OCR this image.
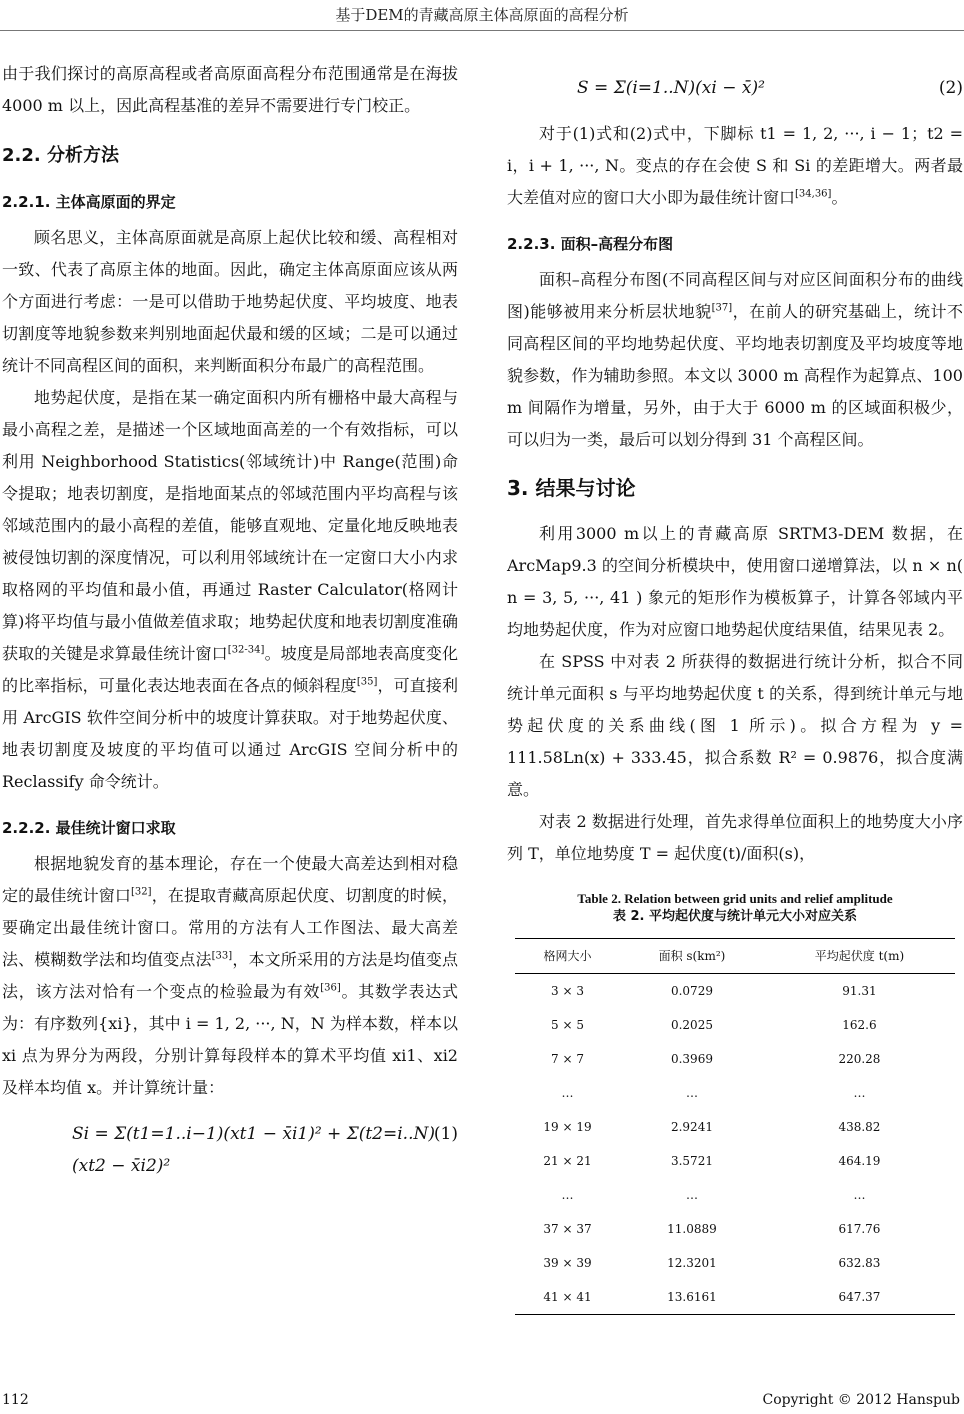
基于DEM的青藏高原主体高原面的高程分析

由于我们探讨的高原高程或者高原面高程分布范围通常是在海拔 4000 m 以上，因此高程基准的差异不需要进行专门校正。

2.2. 分析方法
2.2.1. 主体高原面的界定

顾名思义，主体高原面就是高原上起伏比较和缓、高程相对一致、代表了高原主体的地面。因此，确定主体高原面应该从两个方面进行考虑：一是可以借助于地势起伏度、平均坡度、地表切割度等地貌参数来判别地面起伏最和缓的区域；二是可以通过统计不同高程区间的面积，来判断面积分布最广的高程范围。

地势起伏度，是指在某一确定面积内所有栅格中最大高程与最小高程之差，是描述一个区域地面高差的一个有效指标，可以利用 Neighborhood Statistics(邻域统计)中 Range(范围)命令提取；地表切割度，是指地面某点的邻域范围内平均高程与该邻域范围内的最小高程的差值，能够直观地、定量化地反映地表被侵蚀切割的深度情况，可以利用邻域统计在一定窗口大小内求取格网的平均值和最小值，再通过 Raster Calculator(格网计算)将平均值与最小值做差值求取；地势起伏度和地表切割度准确获取的关键是求算最佳统计窗口[32-34]。坡度是局部地表高度变化的比率指标，可量化表达地表面在各点的倾斜程度[35]，可直接利用 ArcGIS 软件空间分析中的坡度计算获取。对于地势起伏度、地表切割度及坡度的平均值可以通过 ArcGIS 空间分析中的 Reclassify 命令统计。

2.2.2. 最佳统计窗口求取

根据地貌发育的基本理论，存在一个使最大高差达到相对稳定的最佳统计窗口[32]，在提取青藏高原起伏度、切割度的时候，要确定出最佳统计窗口。常用的方法有人工作图法、最大高差法、模糊数学法和均值变点法[33]，本文所采用的方法是均值变点法，该方法对恰有一个变点的检验最为有效[36]。其数学表达式为：有序数列{xi}，其中 i = 1, 2, ···, N，N 为样本数，样本以 xi 点为界分为两段，分别计算每段样本的算术平均值 xi1、xi2 及样本均值 x。并计算统计量：

Si = Σ(t1=1..i−1)(xt1 − x̄i1)² + Σ(t2=i..N)(xt2 − x̄i2)²
(1)
S = Σ(i=1..N)(xi − x̄)²	(2)

对于(1)式和(2)式中，下脚标 t1 = 1, 2, ···, i − 1；t2 = i，i + 1, ···, N。变点的存在会使 S 和 Si 的差距增大。两者最大差值对应的窗口大小即为最佳统计窗口[34,36]。

2.2.3. 面积–高程分布图

面积–高程分布图(不同高程区间与对应区间面积分布的曲线图)能够被用来分析层状地貌[37]，在前人的研究基础上，统计不同高程区间的平均地势起伏度、平均地表切割度及平均坡度等地貌参数，作为辅助参照。本文以 3000 m 高程作为起算点、100 m 间隔作为增量，另外，由于大于 6000 m 的区域面积极少，可以归为一类，最后可以划分得到 31 个高程区间。

3. 结果与讨论

利用3000 m以上的青藏高原 SRTM3-DEM 数据，在 ArcMap9.3 的空间分析模块中，使用窗口递增算法，以 n × n( n = 3, 5, ···, 41 ) 象元的矩形作为模板算子，计算各邻域内平均地势起伏度，作为对应窗口地势起伏度结果值，结果见表 2。

在 SPSS 中对表 2 所获得的数据进行统计分析，拟合不同统计单元面积 s 与平均地势起伏度 t 的关系，得到统计单元与地势起伏度的关系曲线(图 1 所示)。拟合方程为 y = 111.58Ln(x) + 333.45，拟合系数 R² = 0.9876，拟合度满意。

对表 2 数据进行处理，首先求得单位面积上的地势度大小序列 T，单位地势度 T = 起伏度(t)/面积(s)，

Table 2. Relation between grid units and relief amplitude
表 2. 平均起伏度与统计单元大小对应关系
格网大小	面积 s(km²)	平均起伏度 t(m)
3 × 3	0.0729	91.31
5 × 5	0.2025	162.6
7 × 7	0.3969	220.28
…	…	…
19 × 19	2.9241	438.82
21 × 21	3.5721	464.19
…	…	…
37 × 37	11.0889	617.76
39 × 39	12.3201	632.83
41 × 41	13.6161	647.37
112	Copyright © 2012 Hanspub
